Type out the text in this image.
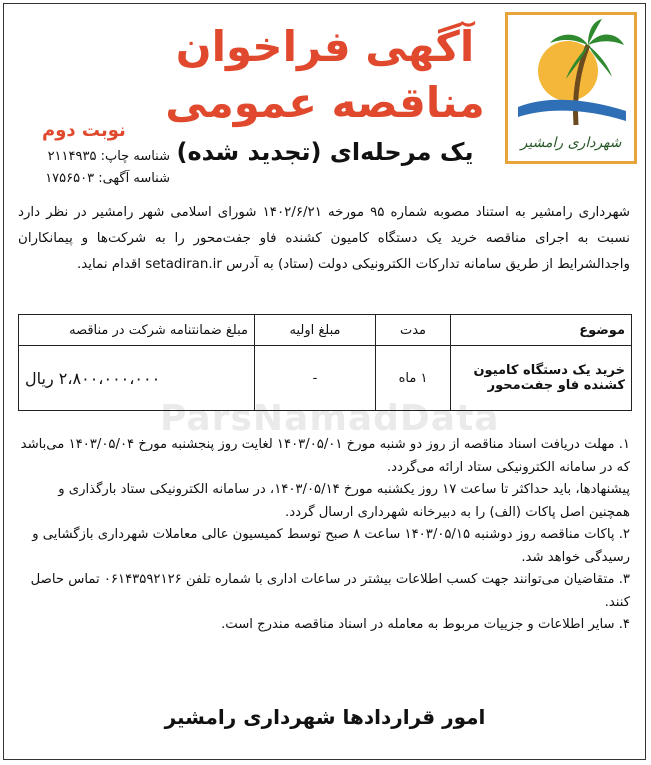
شهرداری رامشیر
آگهی فراخوان
مناقصه عمومی
یک مرحله‌ای (تجدید شده)
نوبت دوم
شناسه چاپ: ۲۱۱۴۹۳۵
شناسه آگهی: ۱۷۵۶۵۰۳
شهرداری رامشیر به استناد مصوبه شماره ۹۵ مورخه ۱۴۰۲/۶/۲۱ شورای اسلامی شهر رامشیر در نظر دارد نسبت به اجرای مناقصه خرید یک دستگاه کامیون کشنده فاو جفت‌محور را به شرکت‌ها و پیمانکاران واجدالشرایط از طریق سامانه تدارکات الکترونیکی دولت (ستاد) به آدرس setadiran.ir اقدام نماید.
ParsNamadData
موضوع	مدت	مبلغ اولیه	مبلغ ضمانتنامه شرکت در مناقصه
خرید یک دستگاه کامیون کشنده فاو جفت‌محور	۱ ماه	-	۲،۸۰۰،۰۰۰،۰۰۰ ریال

۱. مهلت دریافت اسناد مناقصه از روز دو شنبه مورخ ۱۴۰۳/۰۵/۰۱ لغایت روز پنجشنبه مورخ ۱۴۰۳/۰۵/۰۴ می‌باشد که در سامانه الکترونیکی ستاد ارائه می‌گردد.

پیشنهادها، باید حداکثر تا ساعت ۱۷ روز یکشنبه مورخ ۱۴۰۳/۰۵/۱۴، در سامانه الکترونیکی ستاد بارگذاری و همچنین اصل پاکات (الف) را به دبیرخانه شهرداری ارسال گردد.

۲. پاکات مناقصه روز دوشنبه ۱۴۰۳/۰۵/۱۵ ساعت ۸ صبح توسط کمیسیون عالی معاملات شهرداری بازگشایی و رسیدگی خواهد شد.

۳. متقاضیان می‌توانند جهت کسب اطلاعات بیشتر در ساعات اداری با شماره تلفن ۰۶۱۴۳۵۹۲۱۲۶ تماس حاصل کنند.

۴. سایر اطلاعات و جزییات مربوط به معامله در اسناد مناقصه مندرج است.

امور قراردادها شهرداری رامشیر
